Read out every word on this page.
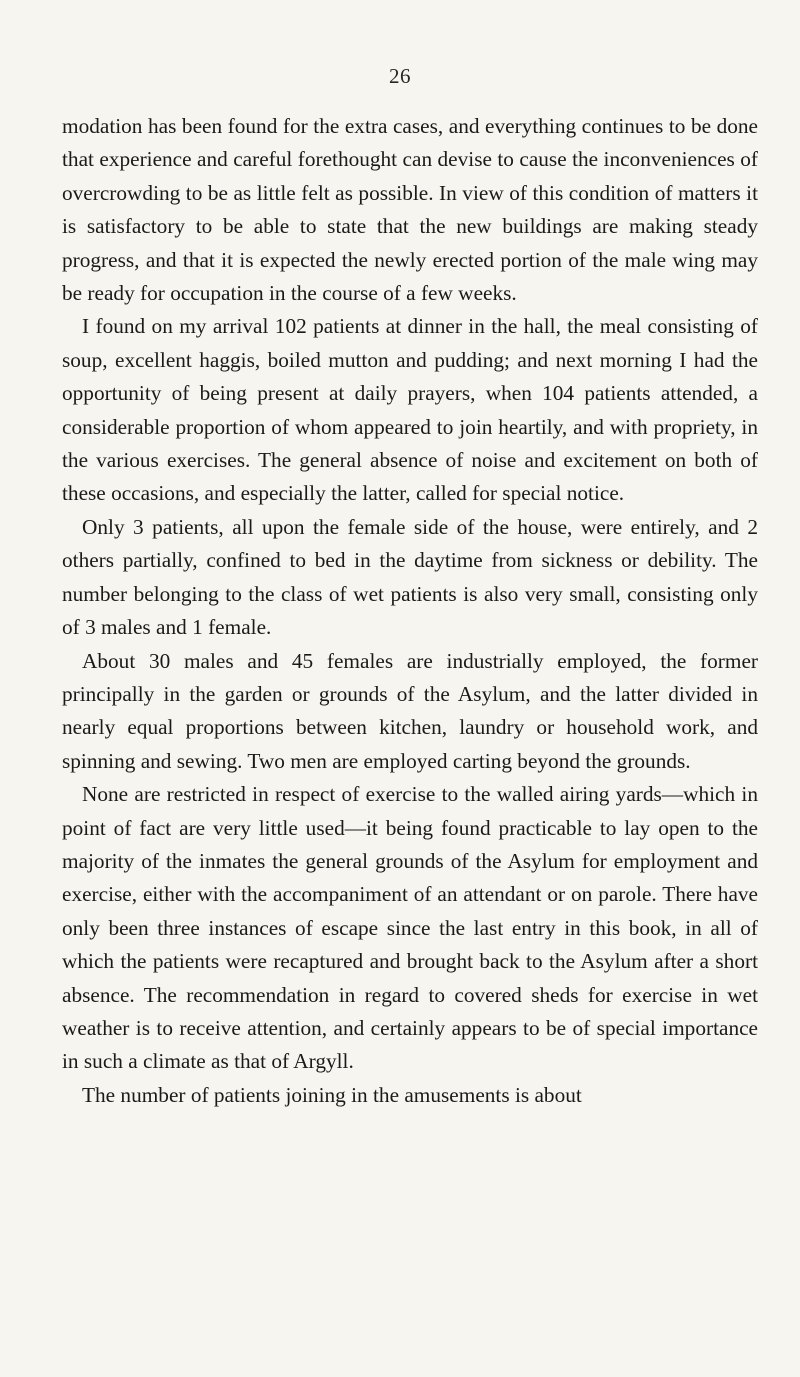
26

modation has been found for the extra cases, and everything continues to be done that experience and careful forethought can devise to cause the inconveniences of overcrowding to be as little felt as possible. In view of this condition of matters it is satisfactory to be able to state that the new buildings are making steady progress, and that it is expected the newly erected portion of the male wing may be ready for occupation in the course of a few weeks.

I found on my arrival 102 patients at dinner in the hall, the meal consisting of soup, excellent haggis, boiled mutton and pudding; and next morning I had the opportunity of being present at daily prayers, when 104 patients attended, a considerable proportion of whom appeared to join heartily, and with propriety, in the various exercises. The general absence of noise and excitement on both of these occasions, and especially the latter, called for special notice.

Only 3 patients, all upon the female side of the house, were entirely, and 2 others partially, confined to bed in the daytime from sickness or debility. The number belonging to the class of wet patients is also very small, consisting only of 3 males and 1 female.

About 30 males and 45 females are industrially employed, the former principally in the garden or grounds of the Asylum, and the latter divided in nearly equal proportions between kitchen, laundry or household work, and spinning and sewing. Two men are employed carting beyond the grounds.

None are restricted in respect of exercise to the walled airing yards—which in point of fact are very little used—it being found practicable to lay open to the majority of the inmates the general grounds of the Asylum for employment and exercise, either with the accompaniment of an attendant or on parole. There have only been three instances of escape since the last entry in this book, in all of which the patients were recaptured and brought back to the Asylum after a short absence. The recommendation in regard to covered sheds for exercise in wet weather is to receive attention, and certainly appears to be of special importance in such a climate as that of Argyll.

The number of patients joining in the amusements is about
